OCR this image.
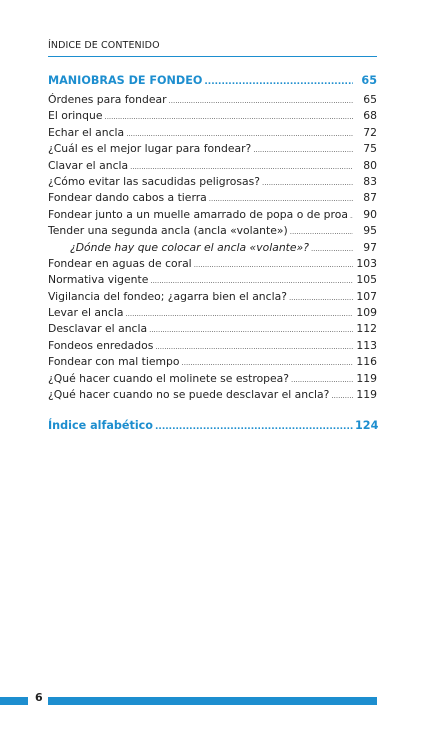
ÍNDICE DE CONTENIDO
MANIOBRAS DE FONDEO .....	65
Órdenes para fondear .....	65
El orinque .....	68
Echar el ancla .....	72
¿Cuál es el mejor lugar para fondear? .....	75
Clavar el ancla .....	80
¿Cómo evitar las sacudidas peligrosas? .....	83
Fondear dando cabos a tierra .....	87
Fondear junto a un muelle amarrado de popa o de proa .....	90
Tender una segunda ancla (ancla «volante») .....	95
¿Dónde hay que colocar el ancla «volante»? .....	97
Fondear en aguas de coral .....	103
Normativa vigente .....	105
Vigilancia del fondeo; ¿agarra bien el ancla? .....	107
Levar el ancla .....	109
Desclavar el ancla .....	112
Fondeos enredados .....	113
Fondear con mal tiempo .....	116
¿Qué hacer cuando el molinete se estropea? .....	119
¿Qué hacer cuando no se puede desclavar el ancla? ..... 119
Índice alfabético .....	124
6
